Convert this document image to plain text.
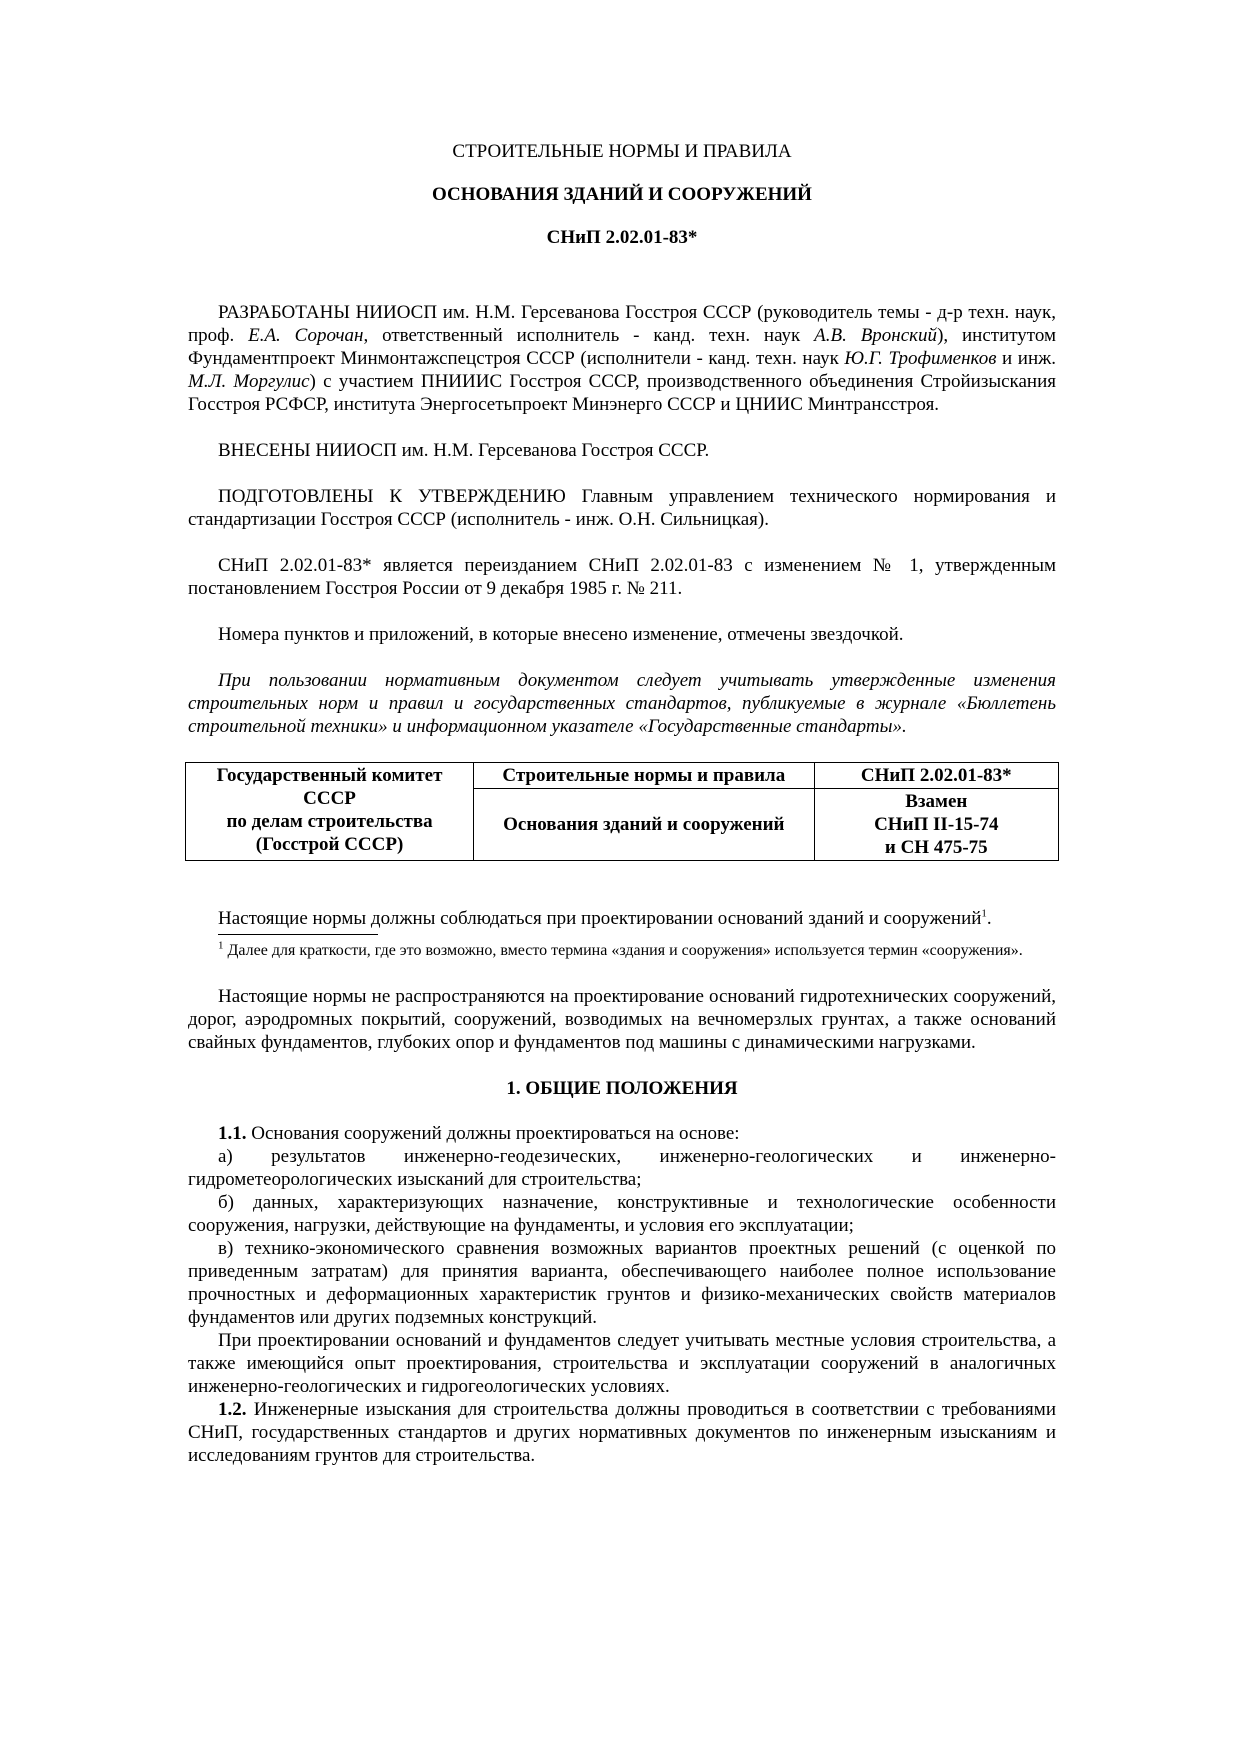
СТРОИТЕЛЬНЫЕ НОРМЫ И ПРАВИЛА
ОСНОВАНИЯ ЗДАНИЙ И СООРУЖЕНИЙ
СНиП 2.02.01-83*

РАЗРАБОТАНЫ НИИОСП им. Н.М. Герсеванова Госстроя СССР (руководитель темы - д-р техн. наук, проф. Е.А. Сорочан, ответственный исполнитель - канд. техн. наук А.В. Вронский), институтом Фундаментпроект Минмонтажспецстроя СССР (исполнители - канд. техн. наук Ю.Г. Трофименков и инж. М.Л. Моргулис) с участием ПНИИИС Госстроя СССР, производственного объединения Стройизыскания Госстроя РСФСР, института Энергосетьпроект Минэнерго СССР и ЦНИИС Минтрансстроя.

ВНЕСЕНЫ НИИОСП им. Н.М. Герсеванова Госстроя СССР.

ПОДГОТОВЛЕНЫ К УТВЕРЖДЕНИЮ Главным управлением технического нормирования и стандартизации Госстроя СССР (исполнитель - инж. О.Н. Сильницкая).

СНиП 2.02.01-83* является переизданием СНиП 2.02.01-83 с изменением № 1, утвержденным постановлением Госстроя России от 9 декабря 1985 г. № 211.

Номера пунктов и приложений, в которые внесено изменение, отмечены звездочкой.

При пользовании нормативным документом следует учитывать утвержденные изменения строительных норм и правил и государственных стандартов, публикуемые в журнале «Бюллетень строительной техники» и информационном указателе «Государственные стандарты».

Государственный комитет СССР
по делам строительства
(Госстрой СССР)	Строительные нормы и правила	СНиП 2.02.01-83*
	Основания зданий и сооружений	Взамен
СНиП II-15-74
и СН 475-75

Настоящие нормы должны соблюдаться при проектировании оснований зданий и сооружений$^1$.

$^1$ Далее для краткости, где это возможно, вместо термина «здания и сооружения» используется термин «сооружения».

Настоящие нормы не распространяются на проектирование оснований гидротехнических сооружений, дорог, аэродромных покрытий, сооружений, возводимых на вечномерзлых грунтах, а также оснований свайных фундаментов, глубоких опор и фундаментов под машины с динамическими нагрузками.

1. ОБЩИЕ ПОЛОЖЕНИЯ

1.1. Основания сооружений должны проектироваться на основе:

а) результатов инженерно-геодезических, инженерно-геологических и инженерно-гидрометеорологических изысканий для строительства;

б) данных, характеризующих назначение, конструктивные и технологические особенности сооружения, нагрузки, действующие на фундаменты, и условия его эксплуатации;

в) технико-экономического сравнения возможных вариантов проектных решений (с оценкой по приведенным затратам) для принятия варианта, обеспечивающего наиболее полное использование прочностных и деформационных характеристик грунтов и физико-механических свойств материалов фундаментов или других подземных конструкций.

При проектировании оснований и фундаментов следует учитывать местные условия строительства, а также имеющийся опыт проектирования, строительства и эксплуатации сооружений в аналогичных инженерно-геологических и гидрогеологических условиях.

1.2. Инженерные изыскания для строительства должны проводиться в соответствии с требованиями СНиП, государственных стандартов и других нормативных документов по инженерным изысканиям и исследованиям грунтов для строительства.
